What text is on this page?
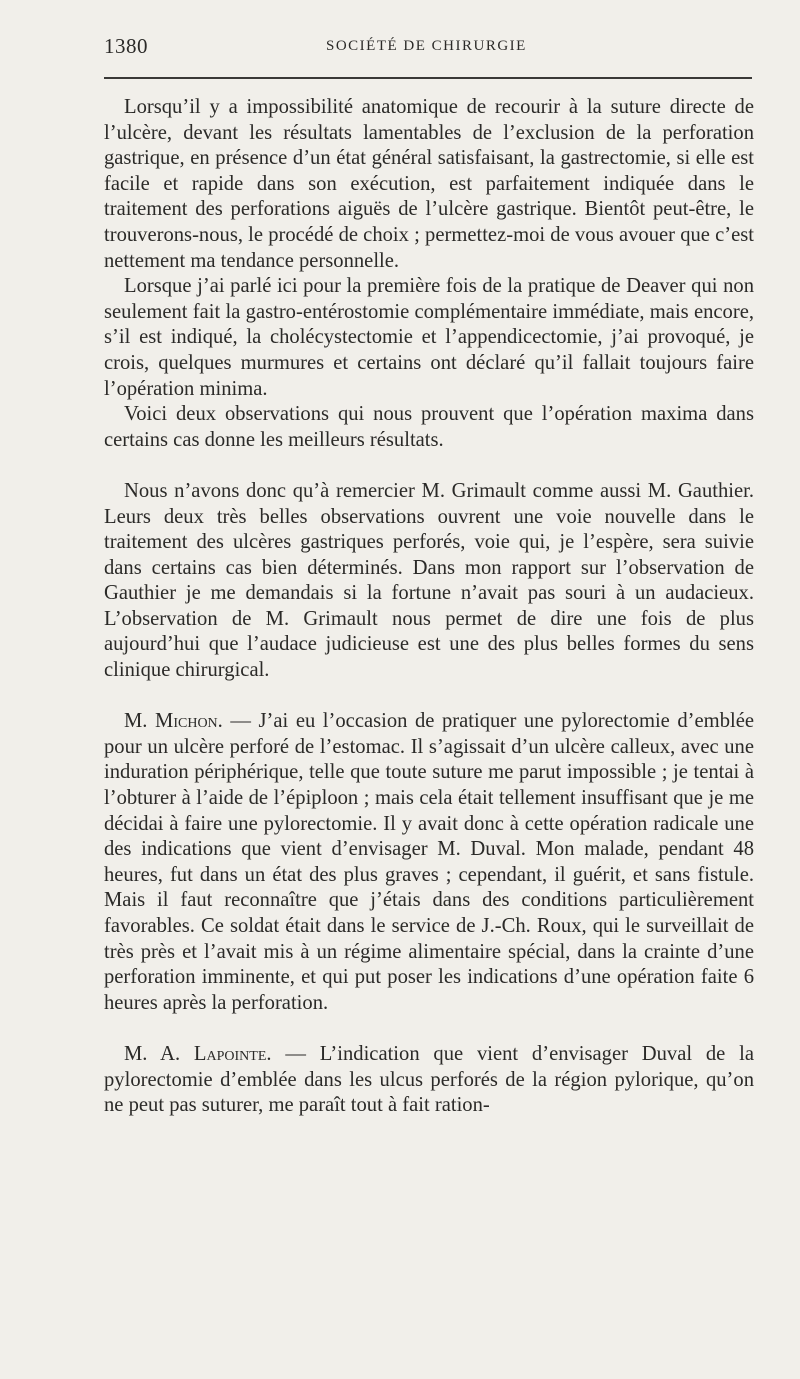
1380	SOCIÉTÉ DE CHIRURGIE

Lorsqu’il y a impossibilité anatomique de recourir à la suture directe de l’ulcère, devant les résultats lamentables de l’exclusion de la perforation gastrique, en présence d’un état général satisfaisant, la gastrectomie, si elle est facile et rapide dans son exécution, est parfaitement indiquée dans le traitement des perforations aiguës de l’ulcère gastrique. Bientôt peut-être, le trouverons-nous, le procédé de choix ; permettez-moi de vous avouer que c’est nettement ma tendance personnelle.

Lorsque j’ai parlé ici pour la première fois de la pratique de Deaver qui non seulement fait la gastro-entérostomie complémentaire immédiate, mais encore, s’il est indiqué, la cholécystectomie et l’appendicectomie, j’ai provoqué, je crois, quelques murmures et certains ont déclaré qu’il fallait toujours faire l’opération minima.

Voici deux observations qui nous prouvent que l’opération maxima dans certains cas donne les meilleurs résultats.

Nous n’avons donc qu’à remercier M. Grimault comme aussi M. Gauthier. Leurs deux très belles observations ouvrent une voie nouvelle dans le traitement des ulcères gastriques perforés, voie qui, je l’espère, sera suivie dans certains cas bien déterminés. Dans mon rapport sur l’observation de Gauthier je me demandais si la fortune n’avait pas souri à un audacieux. L’observation de M. Grimault nous permet de dire une fois de plus aujourd’hui que l’audace judicieuse est une des plus belles formes du sens clinique chirurgical.

M. Michon. — J’ai eu l’occasion de pratiquer une pylorectomie d’emblée pour un ulcère perforé de l’estomac. Il s’agissait d’un ulcère calleux, avec une induration périphérique, telle que toute suture me parut impossible ; je tentai à l’obturer à l’aide de l’épiploon ; mais cela était tellement insuffisant que je me décidai à faire une pylorectomie. Il y avait donc à cette opération radicale une des indications que vient d’envisager M. Duval. Mon malade, pendant 48 heures, fut dans un état des plus graves ; cependant, il guérit, et sans fistule. Mais il faut reconnaître que j’étais dans des conditions particulièrement favorables. Ce soldat était dans le service de J.-Ch. Roux, qui le surveillait de très près et l’avait mis à un régime alimentaire spécial, dans la crainte d’une perforation imminente, et qui put poser les indications d’une opération faite 6 heures après la perforation.

M. A. Lapointe. — L’indication que vient d’envisager Duval de la pylorectomie d’emblée dans les ulcus perforés de la région pylorique, qu’on ne peut pas suturer, me paraît tout à fait ration-
